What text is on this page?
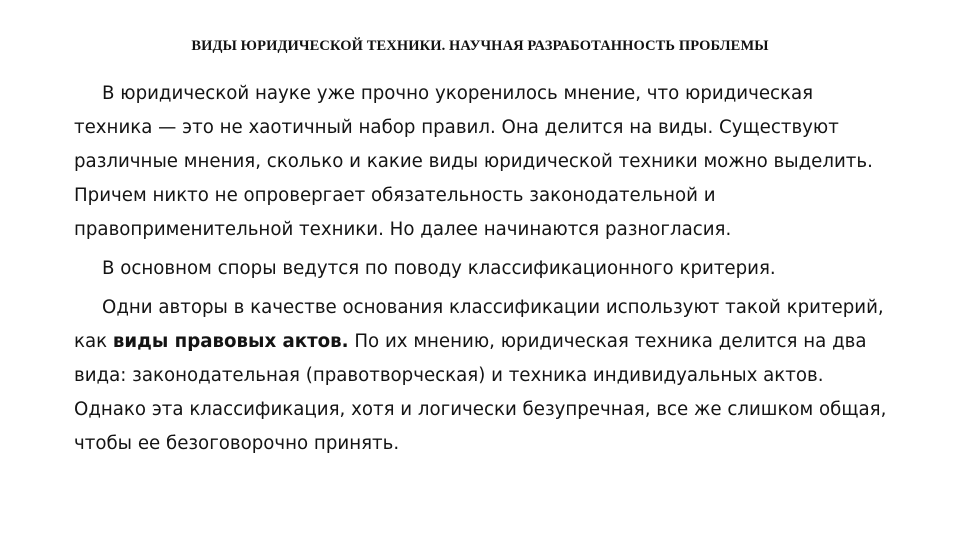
ВИДЫ ЮРИДИЧЕСКОЙ ТЕХНИКИ. НАУЧНАЯ РАЗРАБОТАННОСТЬ ПРОБЛЕМЫ

В юридической науке уже прочно укоренилось мнение, что юридическая техника — это не хаотичный набор правил. Она делится на виды. Существуют различные мнения, сколько и какие виды юридической техники можно выделить. Причем никто не опровергает обязательность законодательной и правоприменительной техники. Но далее начинаются разногласия.

В основном споры ведутся по поводу классификационного критерия.

Одни авторы в качестве основания классификации используют такой критерий, как виды правовых актов. По их мнению, юридическая техника делится на два вида: законодательная (правотворческая) и техника индивидуальных актов. Однако эта классификация, хотя и логически безупречная, все же слишком общая, чтобы ее безоговорочно принять.
